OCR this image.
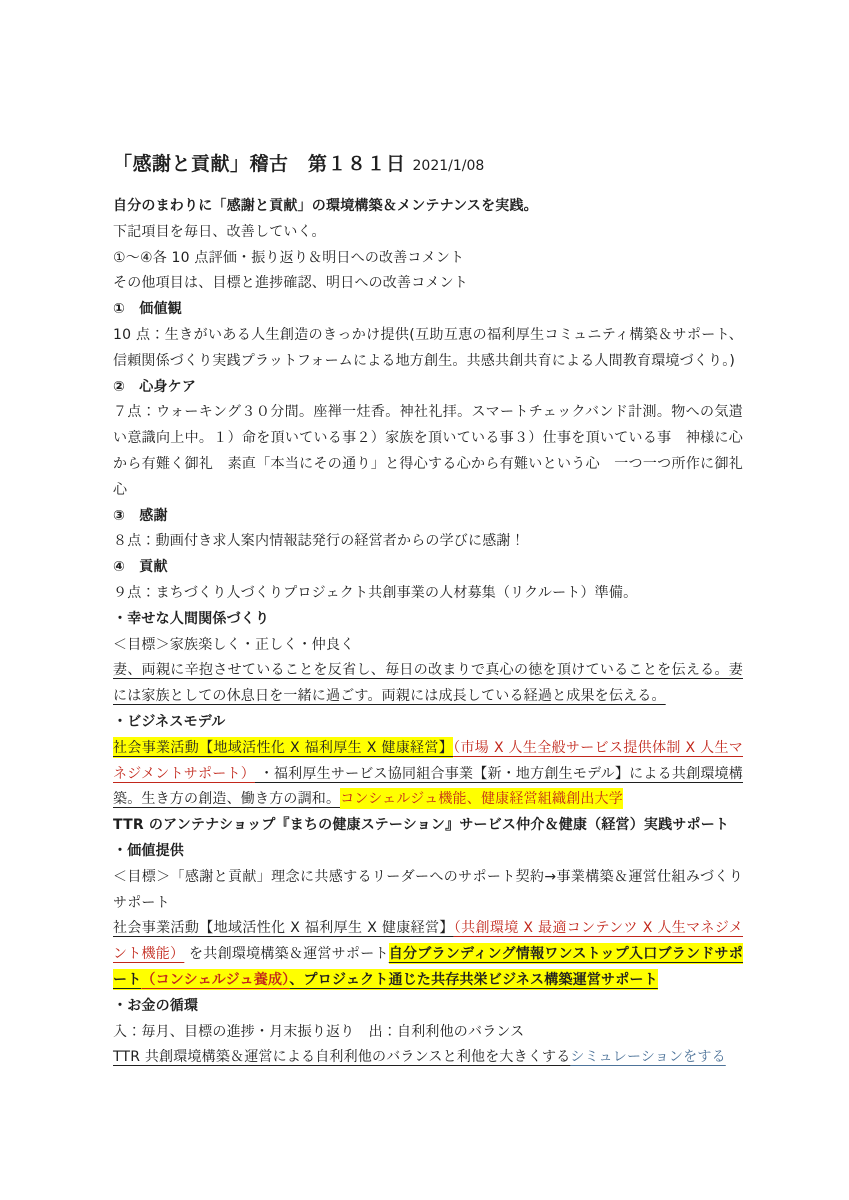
「感謝と貢献」稽古　第１８１日 2021/1/08

自分のまわりに「感謝と貢献」の環境構築＆メンテナンスを実践。

下記項目を毎日、改善していく。

①～④各 10 点評価・振り返り＆明日への改善コメント

その他項目は、目標と進捗確認、明日への改善コメント

①　価値観

10 点：生きがいある人生創造のきっかけ提供(互助互恵の福利厚生コミュニティ構築＆サポート、信頼関係づくり実践プラットフォームによる地方創生。共感共創共育による人間教育環境づくり。)

②　心身ケア

７点：ウォーキング３０分間。座禅一炷香。神社礼拝。スマートチェックバンド計測。物への気遣い意識向上中。１）命を頂いている事２）家族を頂いている事３）仕事を頂いている事　神様に心から有難く御礼　素直「本当にその通り」と得心する心から有難いという心　一つ一つ所作に御礼心

③　感謝

８点：動画付き求人案内情報誌発行の経営者からの学びに感謝！

④　貢献

９点：まちづくり人づくりプロジェクト共創事業の人材募集（リクルート）準備。

・幸せな人間関係づくり

＜目標＞家族楽しく・正しく・仲良く

妻、両親に辛抱させていることを反省し、毎日の改まりで真心の徳を頂けていることを伝える。妻には家族としての休息日を一緒に過ごす。両親には成長している経過と成果を伝える。

・ビジネスモデル

社会事業活動【地域活性化 X 福利厚生 X 健康経営】（市場 X 人生全般サービス提供体制 X 人生マネジメントサポート） ・福利厚生サービス協同組合事業【新・地方創生モデル】による共創環境構築。生き方の創造、働き方の調和。コンシェルジュ機能、健康経営組織創出大学

TTR のアンテナショップ『まちの健康ステーション』サービス仲介＆健康（経営）実践サポート

・価値提供

＜目標＞「感謝と貢献」理念に共感するリーダーへのサポート契約→事業構築＆運営仕組みづくりサポート

社会事業活動【地域活性化 X 福利厚生 X 健康経営】（共創環境 X 最適コンテンツ X 人生マネジメント機能） を共創環境構築＆運営サポート自分ブランディング情報ワンストップ入口ブランドサポート（コンシェルジュ養成）、プロジェクト通じた共存共栄ビジネス構築運営サポート

・お金の循環

入：毎月、目標の進捗・月末振り返り　出：自利利他のバランス

TTR 共創環境構築＆運営による自利利他のバランスと利他を大きくするシミュレーションをする
